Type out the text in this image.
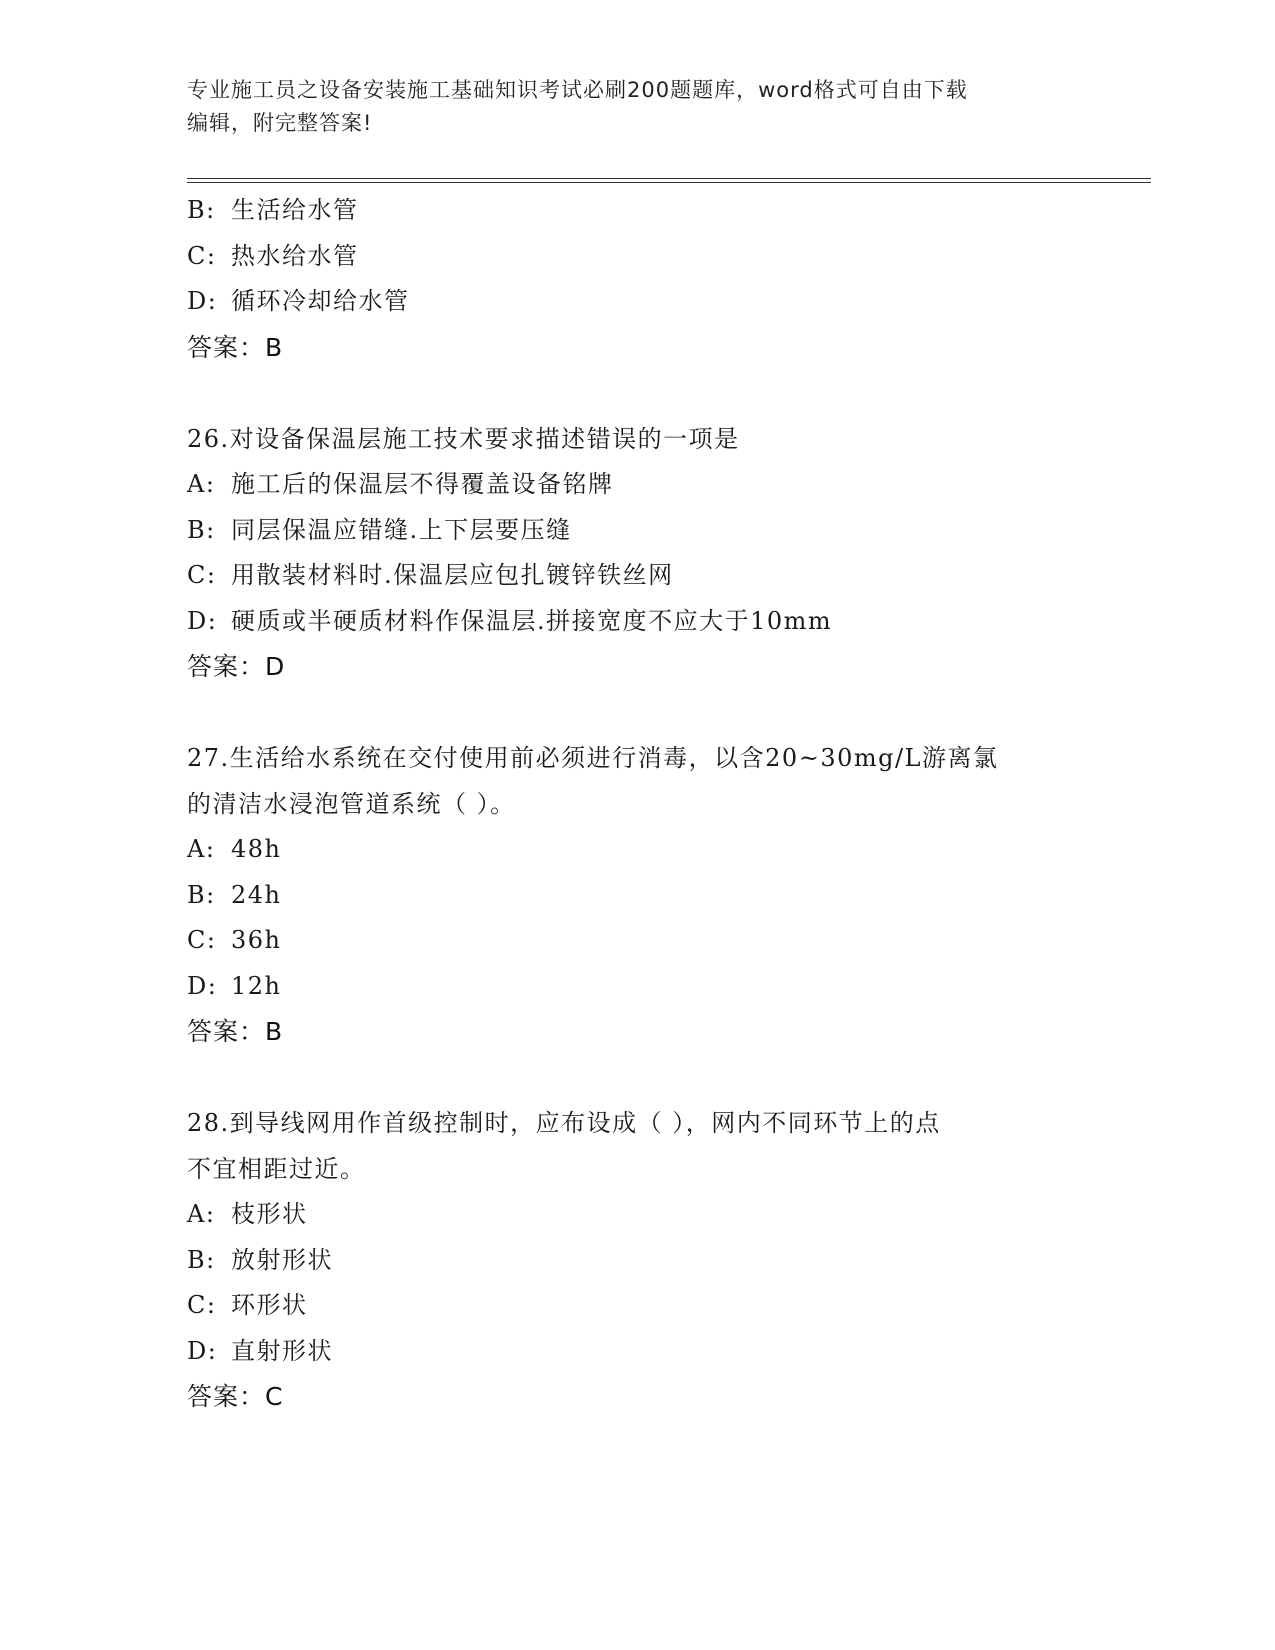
专业施工员之设备安装施工基础知识考试必刷200题题库，word格式可自由下载
编辑，附完整答案!
B: 生活给水管
C: 热水给水管
D: 循环冷却给水管
答案：B
26.对设备保温层施工技术要求描述错误的一项是
A: 施工后的保温层不得覆盖设备铭牌
B: 同层保温应错缝.上下层要压缝
C: 用散装材料时.保温层应包扎镀锌铁丝网
D: 硬质或半硬质材料作保温层.拼接宽度不应大于10mm
答案：D
27.生活给水系统在交付使用前必须进行消毒，以含20~30mg/L游离氯
的清洁水浸泡管道系统（ ）。
A: 48h
B: 24h
C: 36h
D: 12h
答案：B
28.到导线网用作首级控制时，应布设成（ ），网内不同环节上的点
不宜相距过近。
A: 枝形状
B: 放射形状
C: 环形状
D: 直射形状
答案：C
